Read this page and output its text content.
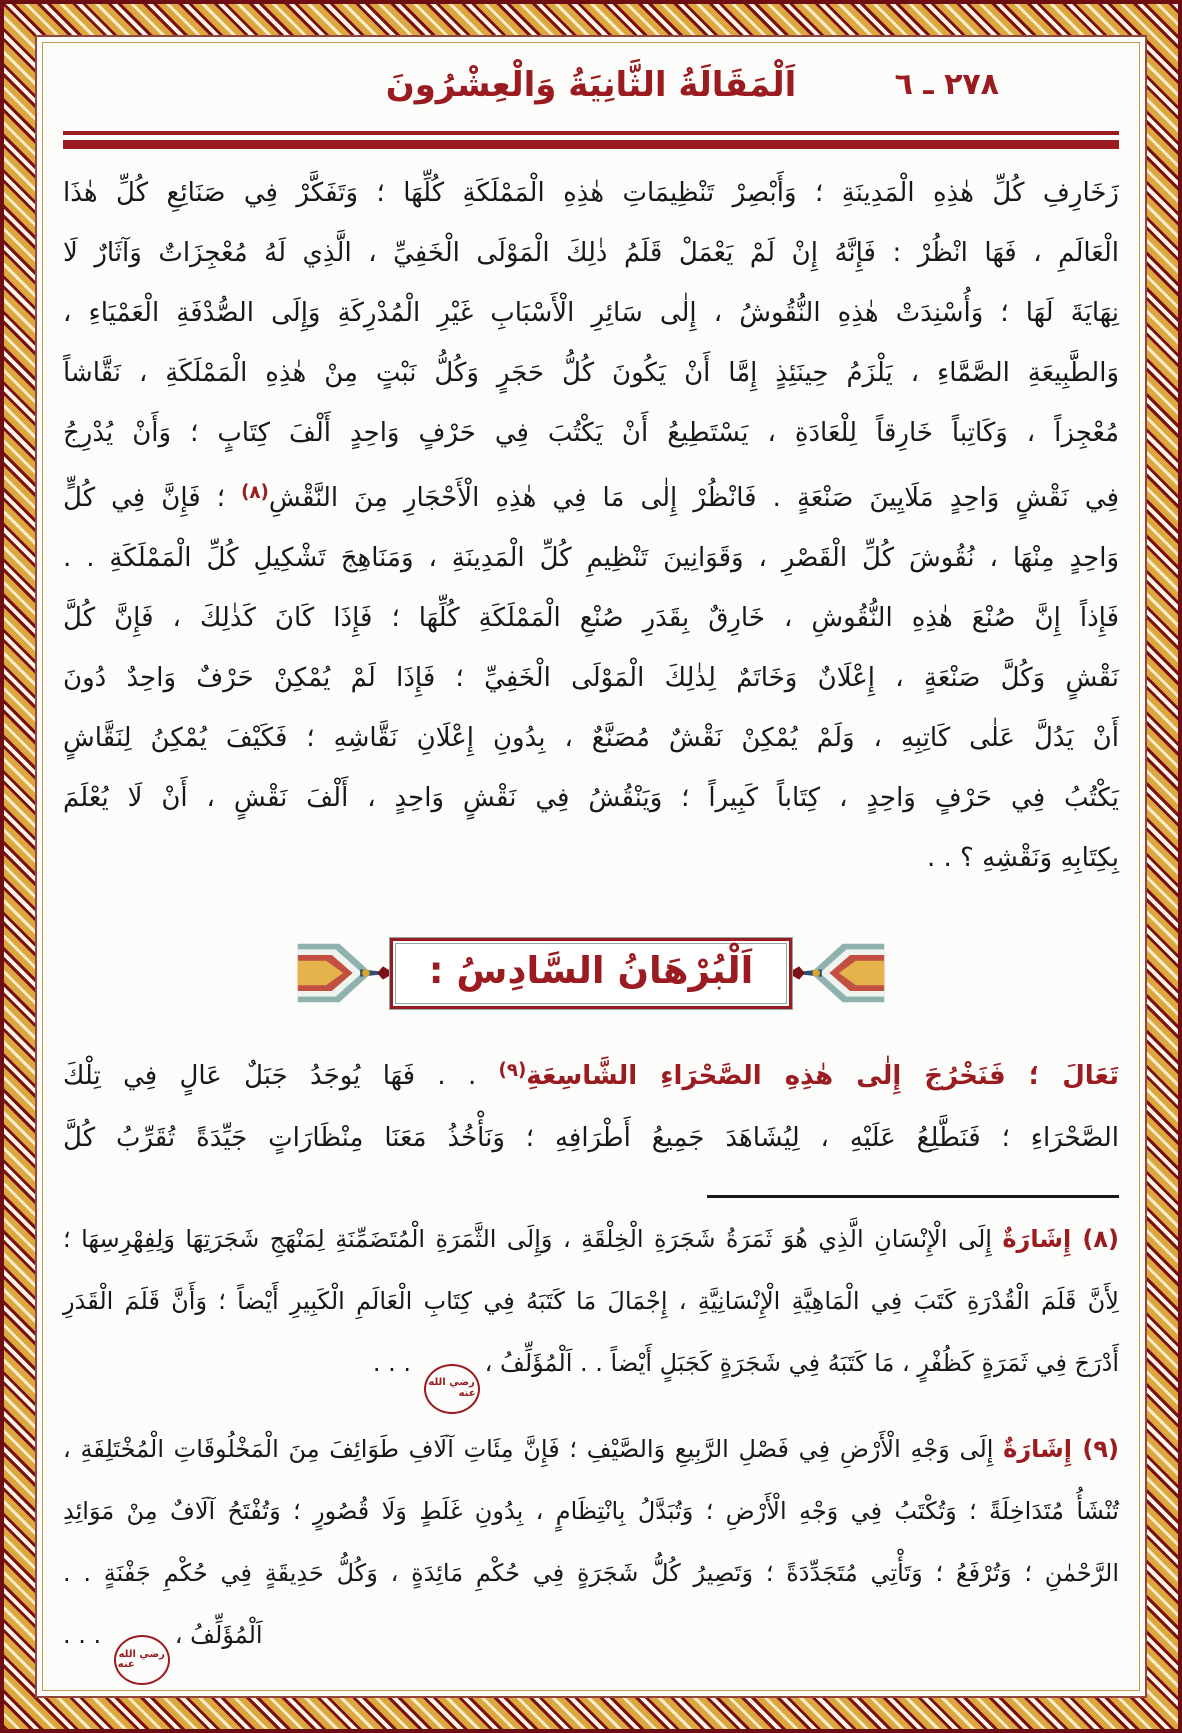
اَلْمَقَالَةُ الثَّانِيَةُ وَالْعِشْرُونَ	٢٧٨ ـ ٦
زَخَارِفِ كُلِّ هٰذِهِ الْمَدِينَةِ ؛ وَأَبْصِرْ تَنْظِيمَاتِ هٰذِهِ الْمَمْلَكَةِ كُلِّهَا ؛ وَتَفَكَّرْ فِي صَنَائِعِ كُلِّ هٰذَا
الْعَالَمِ ، فَهَا انْظُرْ : فَإِنَّهُ إِنْ لَمْ يَعْمَلْ قَلَمُ ذٰلِكَ الْمَوْلَى الْخَفِيِّ ، الَّذِي لَهُ مُعْجِزَاتٌ وَآثَارٌ لَا
نِهَايَةَ لَهَا ؛ وَأُسْنِدَتْ هٰذِهِ النُّقُوشُ ، إِلٰى سَائِرِ الْأَسْبَابِ غَيْرِ الْمُدْرِكَةِ وَإِلَى الصُّدْفَةِ الْعَمْيَاءِ ،
وَالطَّبِيعَةِ الصَّمَّاءِ ، يَلْزَمُ حِينَئِذٍ إِمَّا أَنْ يَكُونَ كُلُّ حَجَرٍ وَكُلُّ نَبْتٍ مِنْ هٰذِهِ الْمَمْلَكَةِ ، نَقَّاشاً
مُعْجِزاً ، وَكَاتِباً خَارِقاً لِلْعَادَةِ ، يَسْتَطِيعُ أَنْ يَكْتُبَ فِي حَرْفٍ وَاحِدٍ أَلْفَ كِتَابٍ ؛ وَأَنْ يُدْرِجُ
فِي نَقْشٍ وَاحِدٍ مَلَايِينَ صَنْعَةٍ . فَانْظُرْ إِلٰى مَا فِي هٰذِهِ الْأَحْجَارِ مِنَ النَّقْشِ$^{(٨)}$ ؛ فَإِنَّ فِي كُلٍّ
وَاحِدٍ مِنْهَا ، نُقُوشَ كُلِّ الْقَصْرِ ، وَقَوَانِينَ تَنْظِيمِ كُلِّ الْمَدِينَةِ ، وَمَنَاهِجَ تَشْكِيلِ كُلِّ الْمَمْلَكَةِ . .
فَإِذاً إِنَّ صُنْعَ هٰذِهِ النُّقُوشِ ، خَارِقٌ بِقَدَرِ صُنْعِ الْمَمْلَكَةِ كُلِّهَا ؛ فَإِذَا كَانَ كَذٰلِكَ ، فَإِنَّ كُلَّ
نَقْشٍ وَكُلَّ صَنْعَةٍ ، إِعْلَانٌ وَخَاتَمٌ لِذٰلِكَ الْمَوْلَى الْخَفِيِّ ؛ فَإِذَا لَمْ يُمْكِنْ حَرْفٌ وَاحِدٌ دُونَ
أَنْ يَدُلَّ عَلٰى كَاتِبِهِ ، وَلَمْ يُمْكِنْ نَقْشٌ مُصَنَّعٌ ، بِدُونِ إِعْلَانِ نَقَّاشِهِ ؛ فَكَيْفَ يُمْكِنُ لِنَقَّاشٍ
يَكْتُبُ فِي حَرْفٍ وَاحِدٍ ، كِتَاباً كَبِيراً ؛ وَيَنْقُشُ فِي نَقْشٍ وَاحِدٍ ، أَلْفَ نَقْشٍ ، أَنْ لَا يُعْلَمَ
بِكِتَابِهِ وَنَقْشِهِ ؟ . .
اَلْبُرْهَانُ السَّادِسُ :
تَعَالَ ؛ فَنَخْرُجَ إِلٰى هٰذِهِ الصَّحْرَاءِ الشَّاسِعَةِ$^{(٩)}$ . . فَهَا يُوجَدُ جَبَلٌ عَالٍ فِي تِلْكَ
الصَّحْرَاءِ ؛ فَنَطَّلِعُ عَلَيْهِ ، لِيُشَاهَدَ جَمِيعُ أَطْرَافِهِ ؛ وَنَأْخُذُ مَعَنَا مِنْظَارَاتٍ جَيِّدَةً تُقَرِّبُ كُلَّ
(٨) إِشَارَةٌ إِلَى الْإِنْسَانِ الَّذِي هُوَ ثَمَرَةُ شَجَرَةِ الْخِلْقَةِ ، وَإِلَى الثَّمَرَةِ الْمُتَضَمِّنَةِ لِمَنْهَجِ شَجَرَتِهَا وَلِفِهْرِسِهَا ؛
لِأَنَّ قَلَمَ الْقُدْرَةِ كَتَبَ فِي الْمَاهِيَّةِ الْإِنْسَانِيَّةِ ، إِجْمَالَ مَا كَتَبَهُ فِي كِتَابِ الْعَالَمِ الْكَبِيرِ أَيْضاً ؛ وَأَنَّ قَلَمَ الْقَدَرِ
أَدْرَجَ فِي ثَمَرَةٍ كَظُفْرٍ ، مَا كَتَبَهُ فِي شَجَرَةٍ كَجَبَلٍ أَيْضاً . . اَلْمُؤَلِّفُ ،رضي الله عنه . . .
(٩) إِشَارَةٌ إِلَى وَجْهِ الْأَرْضِ فِي فَصْلِ الرَّبِيعِ وَالصَّيْفِ ؛ فَإِنَّ مِئَاتِ آلَافِ طَوَائِفَ مِنَ الْمَخْلُوقَاتِ الْمُخْتَلِفَةِ ،
تُنْشَأُ مُتَدَاخِلَةً ؛ وَتُكْتَبُ فِي وَجْهِ الْأَرْضِ ؛ وَتُبَدَّلُ بِانْتِظَامٍ ، بِدُونِ غَلَطٍ وَلَا قُصُورٍ ؛ وَتُفْتَحُ آلَافٌ مِنْ مَوَائِدِ
الرَّحْمٰنِ ؛ وَتُرْفَعُ ؛ وَتَأْتِي مُتَجَدِّدَةً ؛ وَتَصِيرُ كُلُّ شَجَرَةٍ فِي حُكْمِ مَائِدَةٍ ، وَكُلُّ حَدِيقَةٍ فِي حُكْمِ جَفْنَةٍ . .
اَلْمُؤَلِّفُ ،رضي الله عنه . . .
